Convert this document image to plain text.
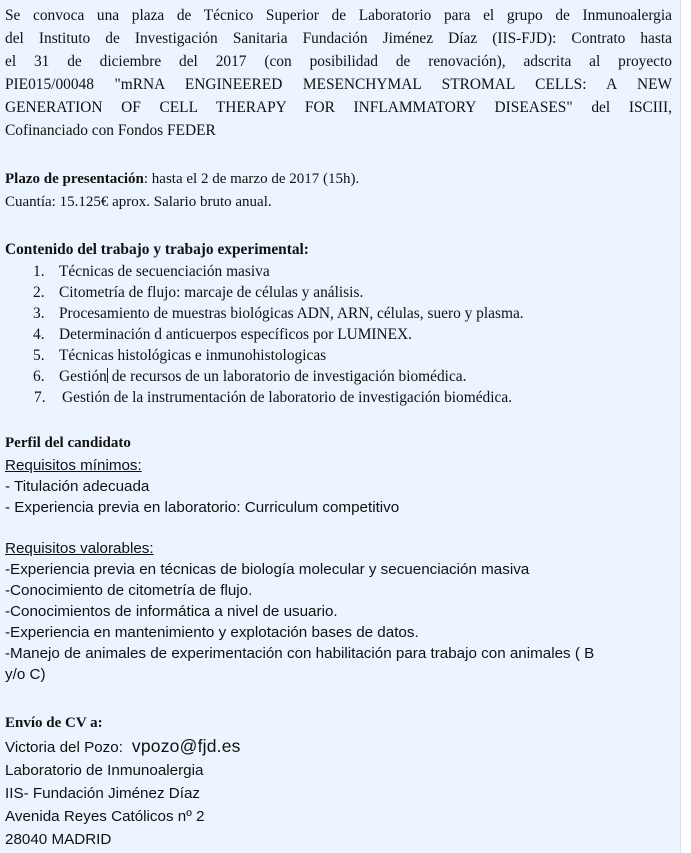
Se convoca una plaza de Técnico Superior de Laboratorio para el grupo de Inmunoalergia
del Instituto de Investigación Sanitaria Fundación Jiménez Díaz (IIS-FJD): Contrato hasta
el 31 de diciembre del 2017 (con posibilidad de renovación), adscrita al proyecto
PIE015/00048 "mRNA ENGINEERED MESENCHYMAL STROMAL CELLS: A NEW
GENERATION OF CELL THERAPY FOR INFLAMMATORY DISEASES" del ISCIII,
Cofinanciado con Fondos FEDER

Plazo de presentación: hasta el 2 de marzo de 2017 (15h).
Cuantía: 15.125€ aprox. Salario bruto anual.
Contenido del trabajo y trabajo experimental:
1. Técnicas de secuenciación masiva
2. Citometría de flujo: marcaje de células y análisis.
3. Procesamiento de muestras biológicas ADN, ARN, células, suero y plasma.
4. Determinación d anticuerpos específicos por LUMINEX.
5. Técnicas histológicas e inmunohistologicas
6. Gestión de recursos de un laboratorio de investigación biomédica.
7. Gestión de la instrumentación de laboratorio de investigación biomédica.
Perfil del candidato
Requisitos mínimos:
- Titulación adecuada
- Experiencia previa en laboratorio: Curriculum competitivo
Requisitos valorables:
-Experiencia previa en técnicas de biología molecular y secuenciación masiva
-Conocimiento de citometría de flujo.
-Conocimientos de informática a nivel de usuario.
-Experiencia en mantenimiento y explotación bases de datos.
-Manejo de animales de experimentación con habilitación para trabajo con animales ( B
y/o C)
Envío de CV a:
Victoria del Pozo: vpozo@fjd.es
Laboratorio de Inmunoalergia
IIS- Fundación Jiménez Díaz
Avenida Reyes Católicos nº 2
28040 MADRID
